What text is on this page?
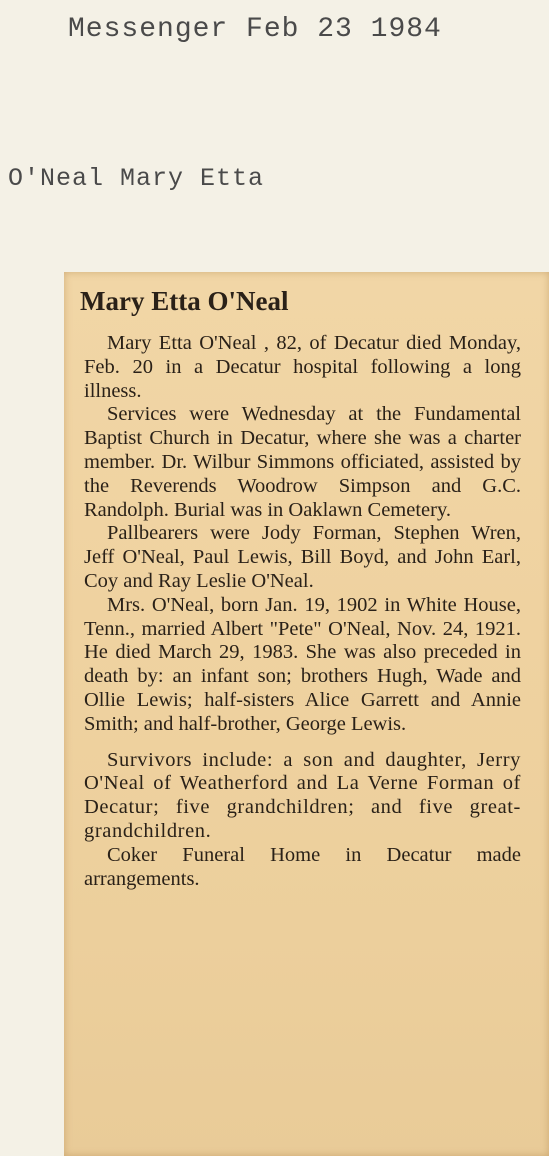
Messenger Feb 23 1984
O'Neal Mary Etta
Mary Etta O'Neal

Mary Etta O'Neal , 82, of Decatur died Monday, Feb. 20 in a Decatur hospital following a long illness.

Services were Wednesday at the Fundamental Baptist Church in Decatur, where she was a charter member. Dr. Wilbur Simmons officiated, assisted by the Reverends Woodrow Simpson and G.C. Randolph. Burial was in Oaklawn Cemetery.

Pallbearers were Jody Forman, Stephen Wren, Jeff O'Neal, Paul Lewis, Bill Boyd, and John Earl, Coy and Ray Leslie O'Neal.

Mrs. O'Neal, born Jan. 19, 1902 in White House, Tenn., married Albert "Pete" O'Neal, Nov. 24, 1921. He died March 29, 1983. She was also preceded in death by: an infant son; brothers Hugh, Wade and Ollie Lewis; half-sisters Alice Garrett and Annie Smith; and half-brother, George Lewis.

Survivors include: a son and daughter, Jerry O'Neal of Weatherford and La Verne Forman of Decatur; five grandchildren; and five great-grandchildren.

Coker Funeral Home in Decatur made arrangements.
